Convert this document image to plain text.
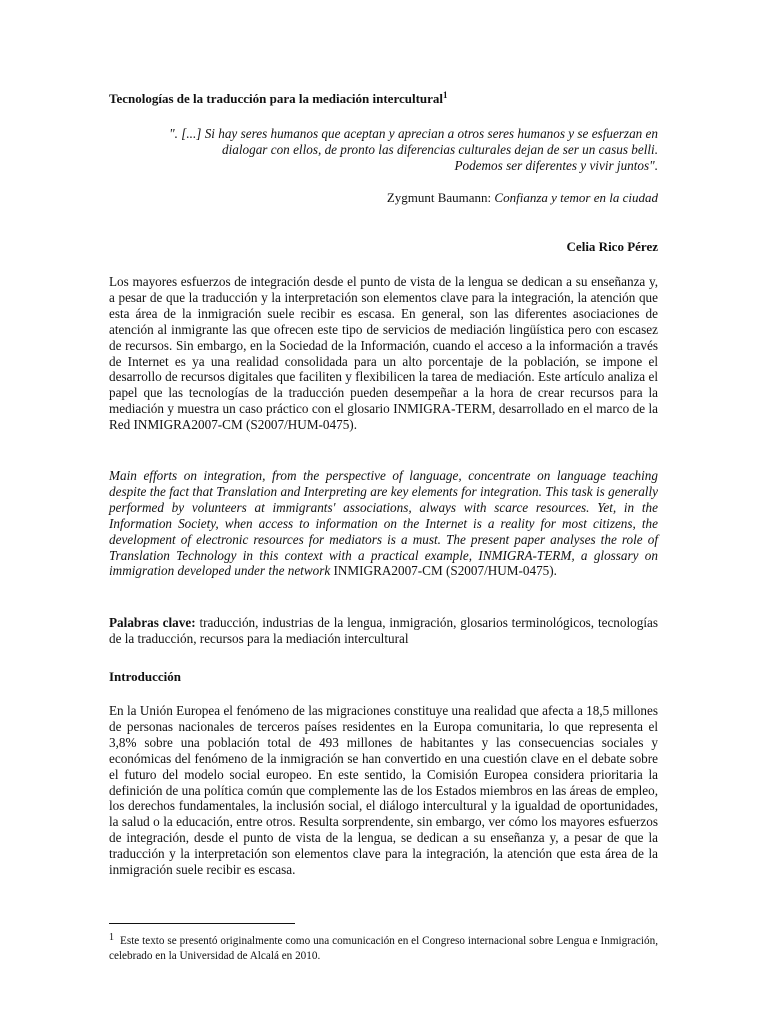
Tecnologías de la traducción para la mediación intercultural$^1$
". [...] Si hay seres humanos que aceptan y aprecian a otros seres humanos y se esfuerzan en
dialogar con ellos, de pronto las diferencias culturales dejan de ser un casus belli.
Podemos ser diferentes y vivir juntos".
Zygmunt Baumann: Confianza y temor en la ciudad
Celia Rico Pérez

Los mayores esfuerzos de integración desde el punto de vista de la lengua se dedican a su enseñanza y, a pesar de que la traducción y la interpretación son elementos clave para la integración, la atención que esta área de la inmigración suele recibir es escasa. En general, son las diferentes asociaciones de atención al inmigrante las que ofrecen este tipo de servicios de mediación lingüística pero con escasez de recursos. Sin embargo, en la Sociedad de la Información, cuando el acceso a la información a través de Internet es ya una realidad consolidada para un alto porcentaje de la población, se impone el desarrollo de recursos digitales que faciliten y flexibilicen la tarea de mediación. Este artículo analiza el papel que las tecnologías de la traducción pueden desempeñar a la hora de crear recursos para la mediación y muestra un caso práctico con el glosario INMIGRA-TERM, desarrollado en el marco de la Red INMIGRA2007-CM (S2007/HUM-0475).

Main efforts on integration, from the perspective of language, concentrate on language teaching despite the fact that Translation and Interpreting are key elements for integration. This task is generally performed by volunteers at immigrants' associations, always with scarce resources. Yet, in the Information Society, when access to information on the Internet is a reality for most citizens, the development of electronic resources for mediators is a must. The present paper analyses the role of Translation Technology in this context with a practical example, INMIGRA-TERM, a glossary on immigration developed under the network INMIGRA2007-CM (S2007/HUM-0475).

Palabras clave: traducción, industrias de la lengua, inmigración, glosarios terminológicos, tecnologías de la traducción, recursos para la mediación intercultural

Introducción

En la Unión Europea el fenómeno de las migraciones constituye una realidad que afecta a 18,5 millones de personas nacionales de terceros países residentes en la Europa comunitaria, lo que representa el 3,8% sobre una población total de 493 millones de habitantes y las consecuencias sociales y económicas del fenómeno de la inmigración se han convertido en una cuestión clave en el debate sobre el futuro del modelo social europeo. En este sentido, la Comisión Europea considera prioritaria la definición de una política común que complemente las de los Estados miembros en las áreas de empleo, los derechos fundamentales, la inclusión social, el diálogo intercultural y la igualdad de oportunidades, la salud o la educación, entre otros. Resulta sorprendente, sin embargo, ver cómo los mayores esfuerzos de integración, desde el punto de vista de la lengua, se dedican a su enseñanza y, a pesar de que la traducción y la interpretación son elementos clave para la integración, la atención que esta área de la inmigración suele recibir es escasa.

1 Este texto se presentó originalmente como una comunicación en el Congreso internacional sobre Lengua e Inmigración, celebrado en la Universidad de Alcalá en 2010.
